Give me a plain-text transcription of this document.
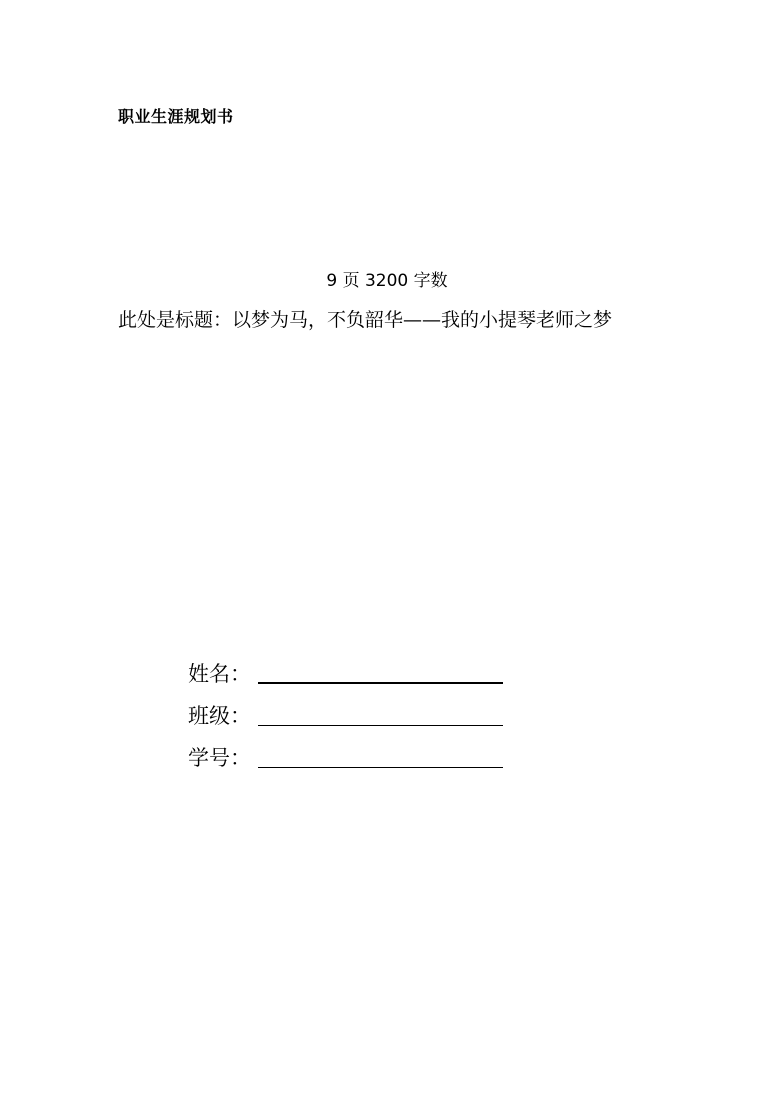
职业生涯规划书
9 页 3200 字数
此处是标题：以梦为马，不负韶华——我的小提琴老师之梦
姓名：
班级：
学号：
